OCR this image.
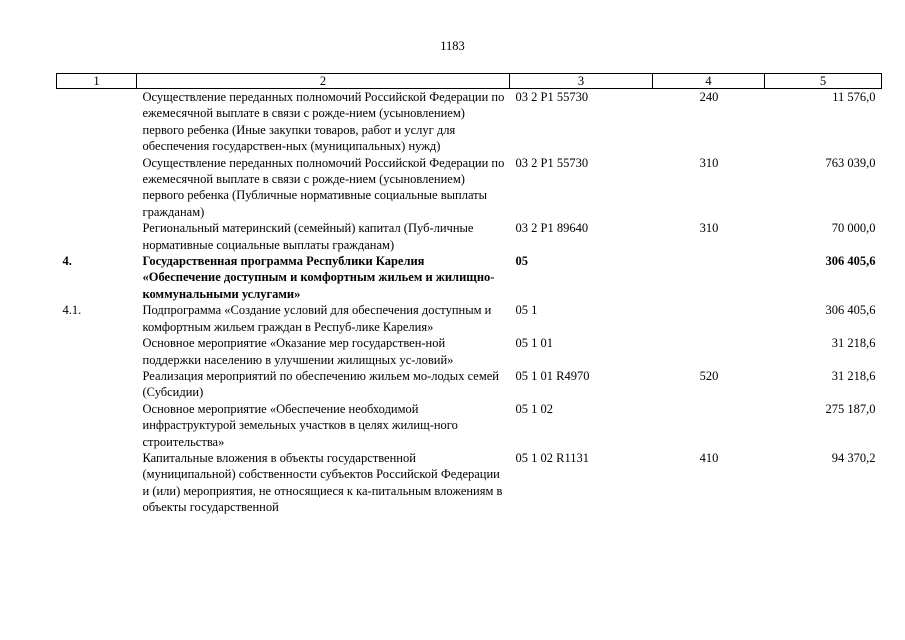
1183
1	2	3	4	5
	Осуществление переданных полномочий Российской Федерации по ежемесячной выплате в связи с рожде-нием (усыновлением) первого ребенка (Иные закупки товаров, работ и услуг для обеспечения государствен-ных (муниципальных) нужд)	03 2 P1 55730	240	11 576,0
	Осуществление переданных полномочий Российской Федерации по ежемесячной выплате в связи с рожде-нием (усыновлением) первого ребенка (Публичные нормативные социальные выплаты гражданам)	03 2 P1 55730	310	763 039,0
	Региональный материнский (семейный) капитал (Пуб-личные нормативные социальные выплаты гражданам)	03 2 P1 89640	310	70 000,0
4.	Государственная программа Республики Карелия «Обеспечение доступным и комфортным жильем и жилищно-коммунальными услугами»	05		306 405,6
4.1.	Подпрограмма «Создание условий для обеспечения доступным и комфортным жильем граждан в Респуб-лике Карелия»	05 1		306 405,6
	Основное мероприятие «Оказание мер государствен-ной поддержки населению в улучшении жилищных ус-ловий»	05 1 01		31 218,6
	Реализация мероприятий по обеспечению жильем мо-лодых семей (Субсидии)	05 1 01 R4970	520	31 218,6
	Основное мероприятие «Обеспечение необходимой инфраструктурой земельных участков в целях жилищ-ного строительства»	05 1 02		275 187,0
	Капитальные вложения в объекты государственной (муниципальной) собственности субъектов Российской Федерации и (или) мероприятия, не относящиеся к ка-питальным вложениям в объекты государственной	05 1 02 R1131	410	94 370,2
